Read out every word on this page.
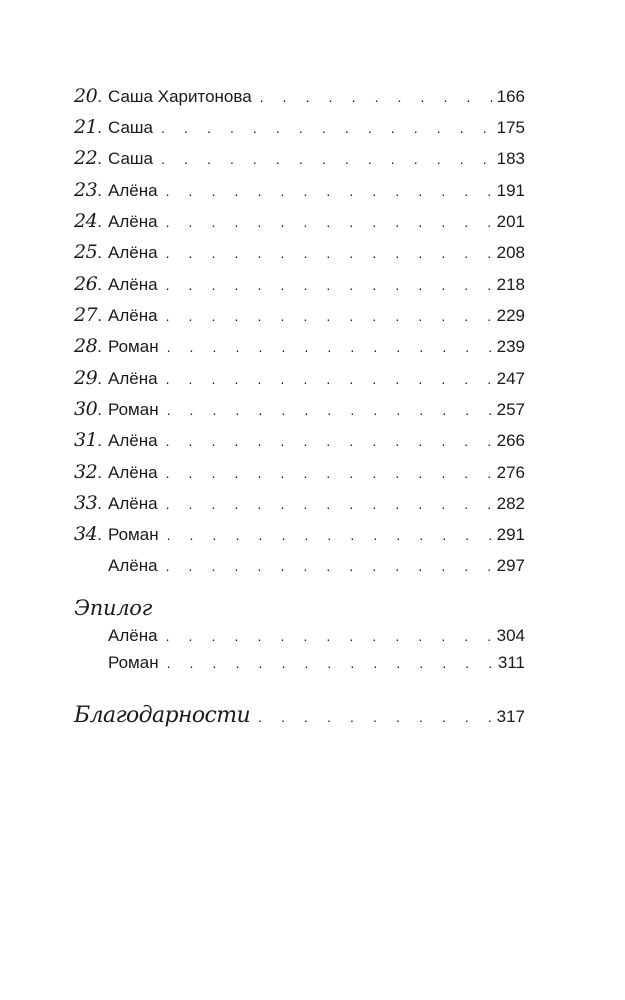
20. Саша Харитонова . . .	166
21. Саша . . .	175
22. Саша . . .	183
23. Алёна . . .	191
24. Алёна . . .	201
25. Алёна . . .	208
26. Алёна . . .	218
27. Алёна . . .	229
28. Роман . . .	239
29. Алёна . . .	247
30. Роман . . .	257
31. Алёна . . .	266
32. Алёна . . .	276
33. Алёна . . .	282
34. Роман . . .	291
Алёна . . .	297
Эпилог
Алёна . . .	304
Роман . . .	311
Благодарности . . .	317
